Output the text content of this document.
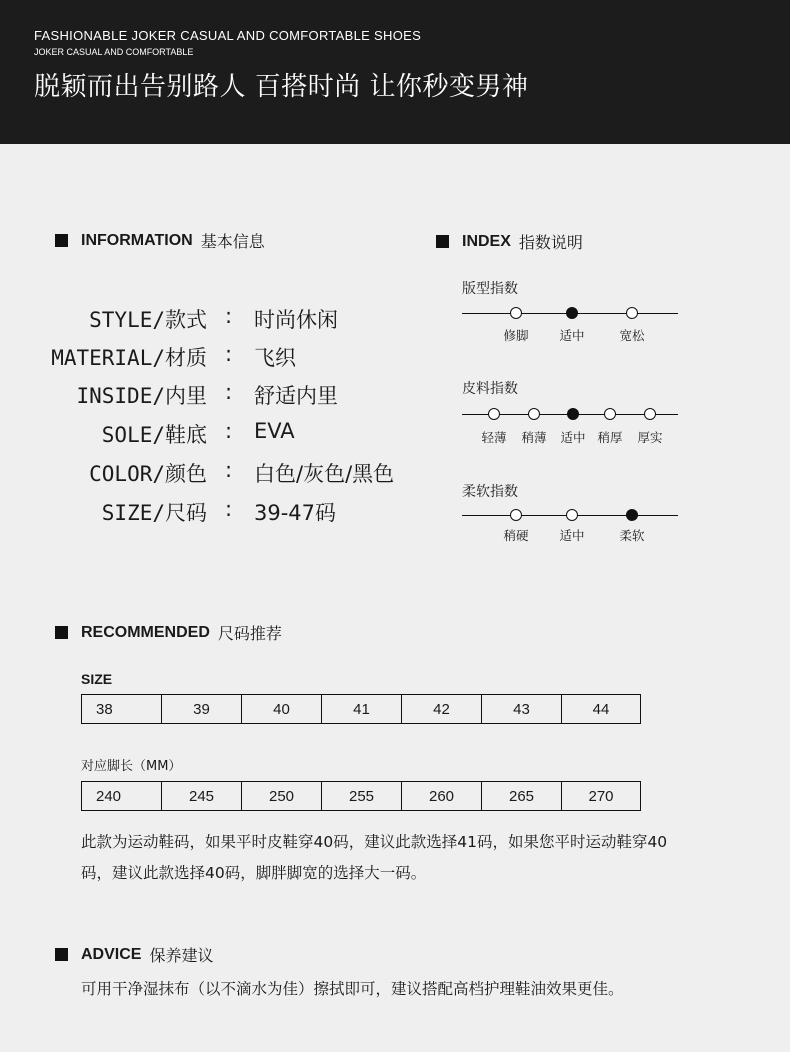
FASHIONABLE JOKER CASUAL AND COMFORTABLE SHOES
JOKER CASUAL AND COMFORTABLE
脱颖而出告别路人 百搭时尚 让你秒变男神
INFORMATION 基本信息
STYLE/款式 : 时尚休闲
MATERIAL/材质 : 飞织
INSIDE/内里 : 舒适内里
SOLE/鞋底 : EVA
COLOR/颜色 : 白色/灰色/黑色
SIZE/尺码 : 39-47码
INDEX 指数说明
版型指数
修脚 适中	宽松
皮料指数
轻薄 稍薄 适中 稍厚 厚实
柔软指数
稍硬 适中	柔软
RECOMMENDED 尺码推荐
SIZE
38	39	40	41	42	43	44
对应脚长（MM）
240	245	250	255	260	265	270
此款为运动鞋码，如果平时皮鞋穿40码，建议此款选择41码，如果您平时运动鞋穿40
码，建议此款选择40码，脚胖脚宽的选择大一码。
ADVICE 保养建议
可用干净湿抹布（以不滴水为佳）擦拭即可，建议搭配高档护理鞋油效果更佳。
